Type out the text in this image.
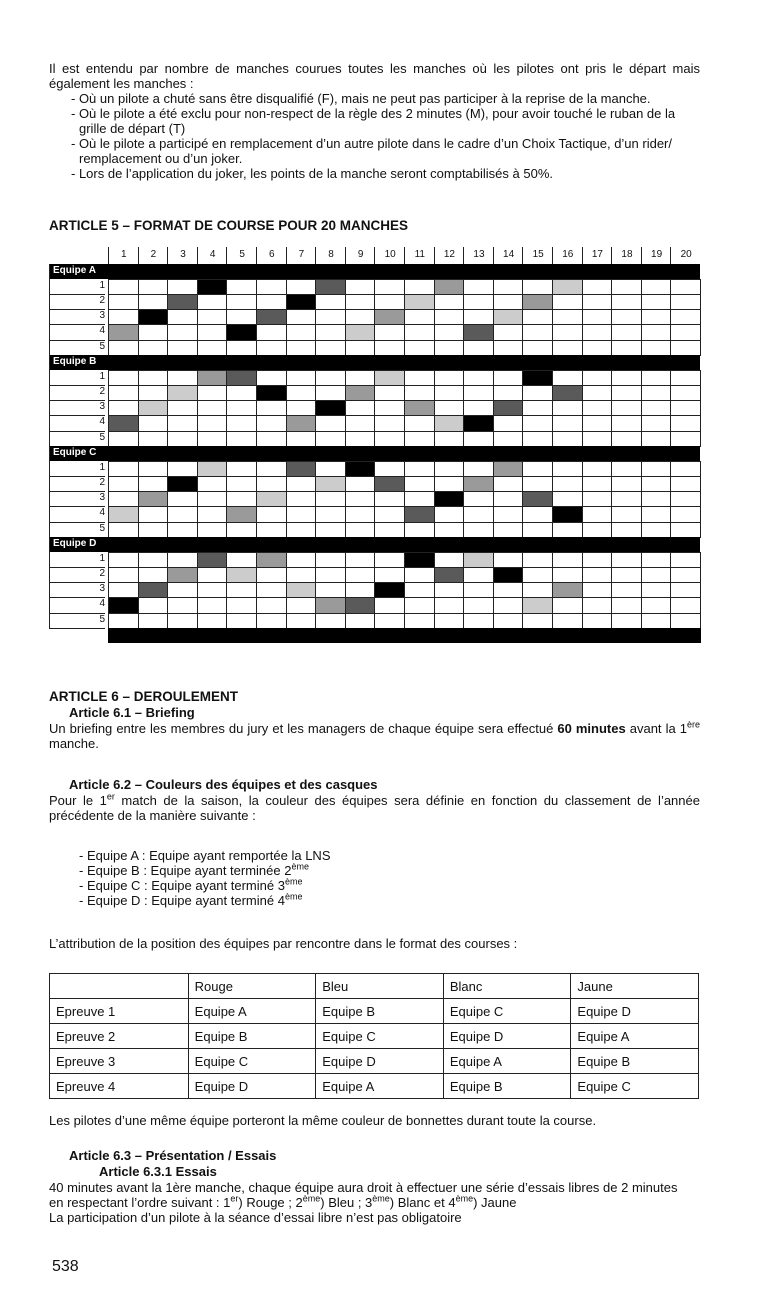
Il est entendu par nombre de manches courues toutes les manches où les pilotes ont pris le départ mais également les manches :

- Où un pilote a chuté sans être disqualifié (F), mais ne peut pas participer à la reprise de la manche.

- Où le pilote a été exclu pour non-respect de la règle des 2 minutes (M), pour avoir touché le ruban de la grille de départ (T)

- Où le pilote a participé en remplacement d’un autre pilote dans le cadre d’un Choix Tactique, d’un rider/ remplacement ou d’un joker.

- Lors de l’application du joker, les points de la manche seront comptabilisés à 50%.

ARTICLE 5 – FORMAT DE COURSE POUR 20 MANCHES

1	2	3	4	5	6	7	8	9	10	11	12	13	14	15	16	17	18	19	20
Equipe A
1
2
3
4
5
Equipe B
1
2
3
4
5
Equipe C
1
2
3
4
5
Equipe D
1
2
3
4
5

ARTICLE 6 – DEROULEMENT

Article 6.1 – Briefing

Un briefing entre les membres du jury et les managers de chaque équipe sera effectué 60 minutes avant la 1ère manche.

Article 6.2 – Couleurs des équipes et des casques

Pour le 1er match de la saison, la couleur des équipes sera définie en fonction du classement de l’année précédente de la manière suivante :

- Equipe A : Equipe ayant remportée la LNS

- Equipe B : Equipe ayant terminée 2ème

- Equipe C : Equipe ayant terminé 3ème

- Equipe D : Equipe ayant terminé 4ème

L’attribution de la position des équipes par rencontre dans le format des courses :

	Rouge	Bleu	Blanc	Jaune
Epreuve 1	Equipe A	Equipe B	Equipe C	Equipe D
Epreuve 2	Equipe B	Equipe C	Equipe D	Equipe A
Epreuve 3	Equipe C	Equipe D	Equipe A	Equipe B
Epreuve 4	Equipe D	Equipe A	Equipe B	Equipe C

Les pilotes d’une même équipe porteront la même couleur de bonnettes durant toute la course.

Article 6.3 – Présentation / Essais

Article 6.3.1 Essais

40 minutes avant la 1ère manche, chaque équipe aura droit à effectuer une série d’essais libres de 2 minutes

en respectant l’ordre suivant : 1er) Rouge ; 2ème) Bleu ; 3ème) Blanc et 4ème) Jaune

La participation d’un pilote à la séance d’essai libre n’est pas obligatoire

538
